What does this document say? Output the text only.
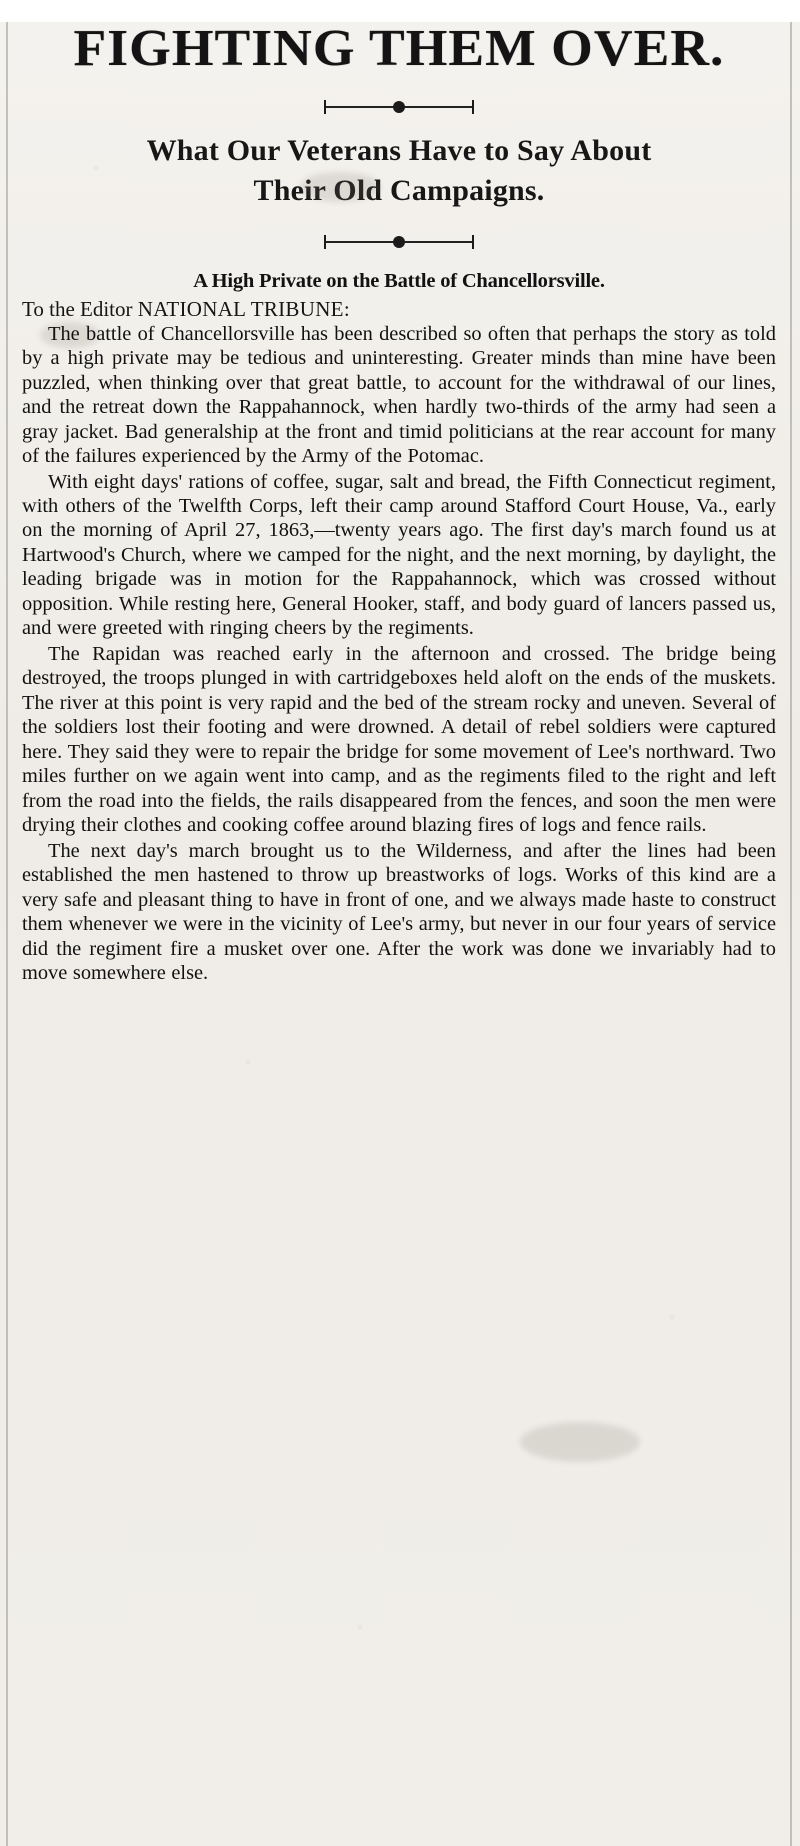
FIGHTING THEM OVER.
What Our Veterans Have to Say About
Their Old Campaigns.
A High Private on the Battle of Chancellorsville.

To the Editor NATIONAL TRIBUNE:

The battle of Chancellorsville has been described so often that perhaps the story as told by a high private may be tedious and uninteresting. Greater minds than mine have been puzzled, when thinking over that great battle, to account for the withdrawal of our lines, and the retreat down the Rappahannock, when hardly two-thirds of the army had seen a gray jacket. Bad generalship at the front and timid politicians at the rear account for many of the failures experienced by the Army of the Potomac.

With eight days' rations of coffee, sugar, salt and bread, the Fifth Connecticut regiment, with others of the Twelfth Corps, left their camp around Stafford Court House, Va., early on the morning of April 27, 1863,—twenty years ago. The first day's march found us at Hartwood's Church, where we camped for the night, and the next morning, by daylight, the leading brigade was in motion for the Rappahannock, which was crossed without opposition. While resting here, General Hooker, staff, and body guard of lancers passed us, and were greeted with ringing cheers by the regiments.

The Rapidan was reached early in the afternoon and crossed. The bridge being destroyed, the troops plunged in with cartridgeboxes held aloft on the ends of the muskets. The river at this point is very rapid and the bed of the stream rocky and uneven. Several of the soldiers lost their footing and were drowned. A detail of rebel soldiers were captured here. They said they were to repair the bridge for some movement of Lee's northward. Two miles further on we again went into camp, and as the regiments filed to the right and left from the road into the fields, the rails disappeared from the fences, and soon the men were drying their clothes and cooking coffee around blazing fires of logs and fence rails.

The next day's march brought us to the Wilderness, and after the lines had been established the men hastened to throw up breastworks of logs. Works of this kind are a very safe and pleasant thing to have in front of one, and we always made haste to construct them whenever we were in the vicinity of Lee's army, but never in our four years of service did the regiment fire a musket over one. After the work was done we invariably had to move somewhere else.
